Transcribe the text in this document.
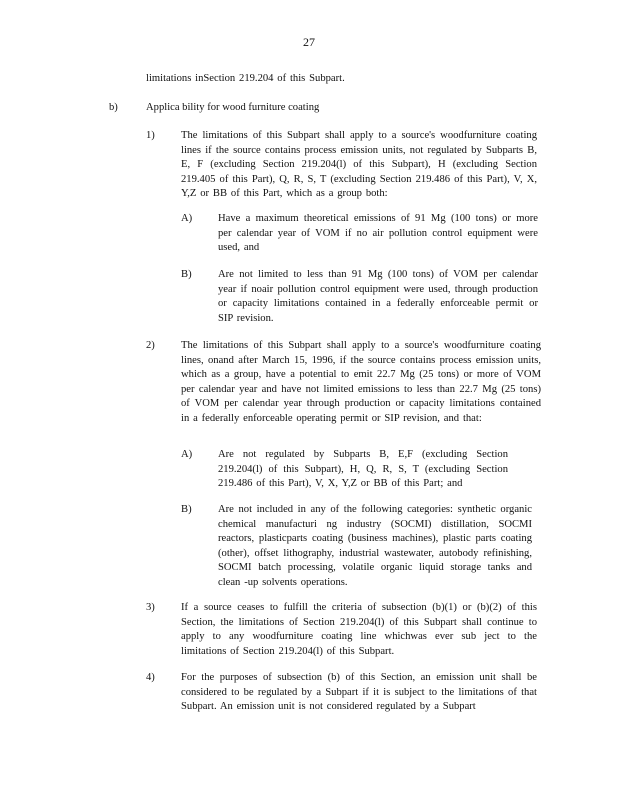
27
limitations inSection 219.204 of this Subpart.
b)	Applica bility for wood furniture coating
1) The limitations of this Subpart shall apply to a source's woodfurniture coating lines if the source contains process emission units, not regulated by Subparts B, E, F (excluding Section 219.204(l) of this Subpart), H (excluding Section 219.405 of this Part), Q, R, S, T (excluding Section 219.486 of this Part), V, X, Y,Z or BB of this Part, which as a group both:
A) Have a maximum theoretical emissions of 91 Mg (100 tons) or more per calendar year of VOM if no air pollution control equipment were used, and
B) Are not limited to less than 91 Mg (100 tons) of VOM per calendar year if noair pollution control equipment were used, through production or capacity limitations contained in a federally enforceable permit or SIP revision.
2) The limitations of this Subpart shall apply to a source's woodfurniture coating lines, onand after March 15, 1996, if the source contains process emission units, which as a group, have a potential to emit 22.7 Mg (25 tons) or more of VOM per calendar year and have not limited emissions to less than 22.7 Mg (25 tons) of VOM per calendar year through production or capacity limitations contained in a federally enforceable operating permit or SIP revision, and that:
A) Are not regulated by Subparts B, E,F (excluding Section 219.204(l) of this Subpart), H, Q, R, S, T (excluding Section 219.486 of this Part), V, X, Y,Z or BB of this Part; and
B) Are not included in any of the following categories: synthetic organic chemical manufacturi ng industry (SOCMI) distillation, SOCMI reactors, plasticparts coating (business machines), plastic parts coating (other), offset lithography, industrial wastewater, autobody refinishing, SOCMI batch processing, volatile organic liquid storage tanks and clean -up solvents operations.
3) If a source ceases to fulfill the criteria of subsection (b)(1) or (b)(2) of this Section, the limitations of Section 219.204(l) of this Subpart shall continue to apply to any woodfurniture coating line whichwas ever sub ject to the limitations of Section 219.204(l) of this Subpart.
4) For the purposes of subsection (b) of this Section, an emission unit shall be considered to be regulated by a Subpart if it is subject to the limitations of that Subpart. An emission unit is not considered regulated by a Subpart
